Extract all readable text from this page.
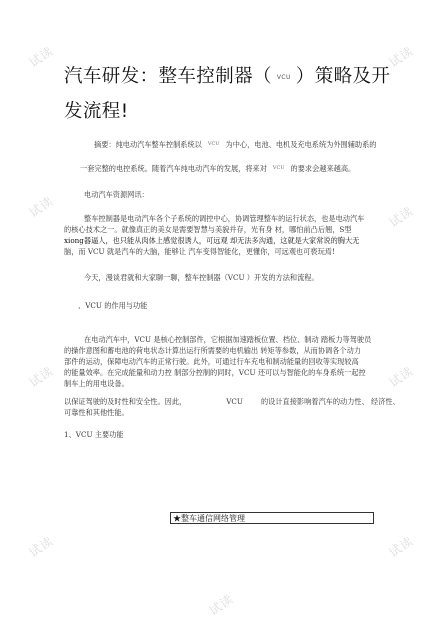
试读	试读
试读	试读
试读	试读
试读	试读
试读
汽车研发：整车控制器（ VCU ）策略及开
发流程!
摘要：纯电动汽车整车控制系统以 VCU 为中心，电池、电机及充电系统为外围辅助系的
一套完整的电控系统。随着汽车纯电动汽车的发展，将来对 VCU 的要求会越来越高。
电动汽车资源网讯：
整车控制器是电动汽车各个子系统的调控中心，协调管理整车的运行状态，也是电动汽车
的核心技术之一。就像真正的美女是需要智慧与美貌并存，光有身 材，哪怕前凸后翘，S型
xiong器逼人，也只能从肉体上感觉很诱人，可远观 却无法多沟通，这就是大家常说的胸大无
脑，而 VCU 就是汽车的大脑，能够让 汽车变得智能化，更懂你，可远观也可亵玩焉!
今天，漫谈君就和大家聊一聊，整车控制器（VCU ）开发的方法和流程。
、VCU 的作用与功能
在电动汽车中，VCU 是核心控制部件，它根据加速踏板位置、档位、制动 踏板力等驾驶员
的操作意图和蓄电池的荷电状态计算出运行所需要的电机输出 转矩等参数，从而协调各个动力
部件的运动，保障电动汽车的正常行驶。此外，可通过行车充电和制动能量的回收等实现较高
的能量效率。在完成能量和动力控 制部分控制的同时，VCU 还可以与智能化的车身系统一起控
制车上的用电设备。
以保证驾驶的及时性和安全性。因此，	VCU	的设计直接影响着汽车的动力性、 经济性、
可靠性和其他性能。
1、VCU 主要功能
★整车通信网络管理
